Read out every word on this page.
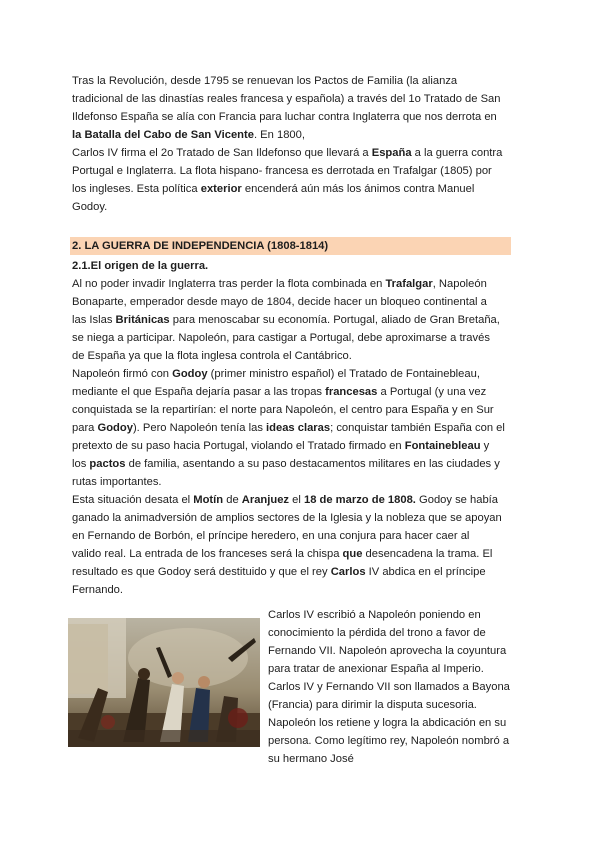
Tras la Revolución, desde 1795 se renuevan los Pactos de Familia (la alianza
tradicional de las dinastías reales francesa y española) a través del 1o Tratado de San
Ildefonso España se alía con Francia para luchar contra Inglaterra que nos derrota en
la Batalla del Cabo de San Vicente. En 1800,
Carlos IV firma el 2o Tratado de San Ildefonso que llevará a España a la guerra contra
Portugal e Inglaterra. La flota hispano- francesa es derrotada en Trafalgar (1805) por
los ingleses. Esta política exterior encenderá aún más los ánimos contra Manuel
Godoy.
2. LA GUERRA DE INDEPENDENCIA (1808-1814)
2.1.El origen de la guerra.
Al no poder invadir Inglaterra tras perder la flota combinada en Trafalgar, Napoleón
Bonaparte, emperador desde mayo de 1804, decide hacer un bloqueo continental a
las Islas Británicas para menoscabar su economía. Portugal, aliado de Gran Bretaña,
se niega a participar. Napoleón, para castigar a Portugal, debe aproximarse a través
de España ya que la flota inglesa controla el Cantábrico.
Napoleón firmó con Godoy (primer ministro español) el Tratado de Fontainebleau,
mediante el que España dejaría pasar a las tropas francesas a Portugal (y una vez
conquistada se la repartirían: el norte para Napoleón, el centro para España y en Sur
para Godoy). Pero Napoleón tenía las ideas claras; conquistar también España con el
pretexto de su paso hacia Portugal, violando el Tratado firmado en Fontainebleau y
los pactos de familia, asentando a su paso destacamentos militares en las ciudades y
rutas importantes.
Esta situación desata el Motín de Aranjuez el 18 de marzo de 1808. Godoy se había
ganado la animadversión de amplios sectores de la Iglesia y la nobleza que se apoyan
en Fernando de Borbón, el príncipe heredero, en una conjura para hacer caer al
valido real. La entrada de los franceses será la chispa que desencadena la trama. El
resultado es que Godoy será destituido y que el rey Carlos IV abdica en el príncipe
Fernando.
Carlos IV escribió a Napoleón poniendo en
conocimiento la pérdida del trono a favor de
Fernando VII. Napoleón aprovecha la coyuntura
para tratar de anexionar España al Imperio.
Carlos IV y Fernando VII son llamados a Bayona
(Francia) para dirimir la disputa sucesoria.
Napoleón los retiene y logra la abdicación en su
persona. Como legítimo rey, Napoleón nombró a
su hermano José
